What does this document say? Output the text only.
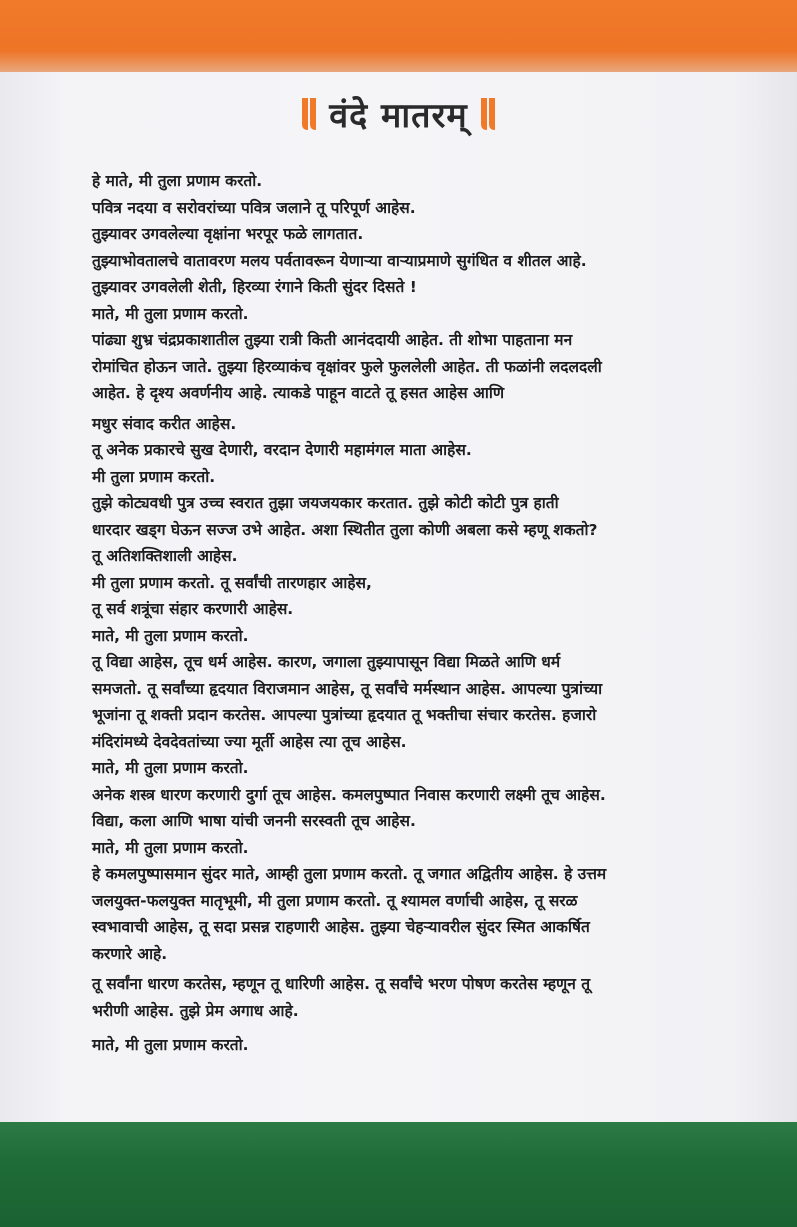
वंदे मातरम्
हे माते, मी तुला प्रणाम करतो.
पवित्र नदया व सरोवरांच्या पवित्र जलाने तू परिपूर्ण आहेस.
तुझ्यावर उगवलेल्या वृक्षांना भरपूर फळे लागतात.
तुझ्याभोवतालचे वातावरण मलय पर्वतावरून येणाऱ्या वाऱ्याप्रमाणे सुगंधित व शीतल आहे.
तुझ्यावर उगवलेली शेती, हिरव्या रंगाने किती सुंदर दिसते !
माते, मी तुला प्रणाम करतो.
पांढ्या शुभ्र चंद्रप्रकाशातील तुझ्या रात्री किती आनंददायी आहेत. ती शोभा पाहताना मन
रोमांचित होऊन जाते. तुझ्या हिरव्याकंच वृक्षांवर फुले फुललेली आहेत. ती फळांनी लदलदली
आहेत. हे दृश्य अवर्णनीय आहे. त्याकडे पाहून वाटते तू हसत आहेस आणि
मधुर संवाद करीत आहेस.
तू अनेक प्रकारचे सुख देणारी, वरदान देणारी महामंगल माता आहेस.
मी तुला प्रणाम करतो.
तुझे कोट्यवधी पुत्र उच्च स्वरात तुझा जयजयकार करतात. तुझे कोटी कोटी पुत्र हाती
धारदार खड्ग घेऊन सज्ज उभे आहेत. अशा स्थितीत तुला कोणी अबला कसे म्हणू शकतो?
तू अतिशक्तिशाली आहेस.
मी तुला प्रणाम करतो. तू सर्वांची तारणहार आहेस,
तू सर्व शत्रूंचा संहार करणारी आहेस.
माते, मी तुला प्रणाम करतो.
तू विद्या आहेस, तूच धर्म आहेस. कारण, जगाला तुझ्यापासून विद्या मिळते आणि धर्म
समजतो. तू सर्वांच्या हृदयात विराजमान आहेस, तू सर्वांचे मर्मस्थान आहेस. आपल्या पुत्रांच्या
भूजांना तू शक्ती प्रदान करतेस. आपल्या पुत्रांच्या हृदयात तू भक्तीचा संचार करतेस. हजारो
मंदिरांमध्ये देवदेवतांच्या ज्या मूर्ती आहेस त्या तूच आहेस.
माते, मी तुला प्रणाम करतो.
अनेक शस्त्र धारण करणारी दुर्गा तूच आहेस. कमलपुष्पात निवास करणारी लक्ष्मी तूच आहेस.
विद्या, कला आणि भाषा यांची जननी सरस्वती तूच आहेस.
माते, मी तुला प्रणाम करतो.
हे कमलपुष्पासमान सुंदर माते, आम्ही तुला प्रणाम करतो. तू जगात अद्वितीय आहेस. हे उत्तम
जलयुक्त-फलयुक्त मातृभूमी, मी तुला प्रणाम करतो. तू श्यामल वर्णाची आहेस, तू सरळ
स्वभावाची आहेस, तू सदा प्रसन्न राहणारी आहेस. तुझ्या चेहऱ्यावरील सुंदर स्मित आकर्षित
करणारे आहे.
तू सर्वांना धारण करतेस, म्हणून तू धारिणी आहेस. तू सर्वांचे भरण पोषण करतेस म्हणून तू
भरीणी आहेस. तुझे प्रेम अगाध आहे.
माते, मी तुला प्रणाम करतो.
